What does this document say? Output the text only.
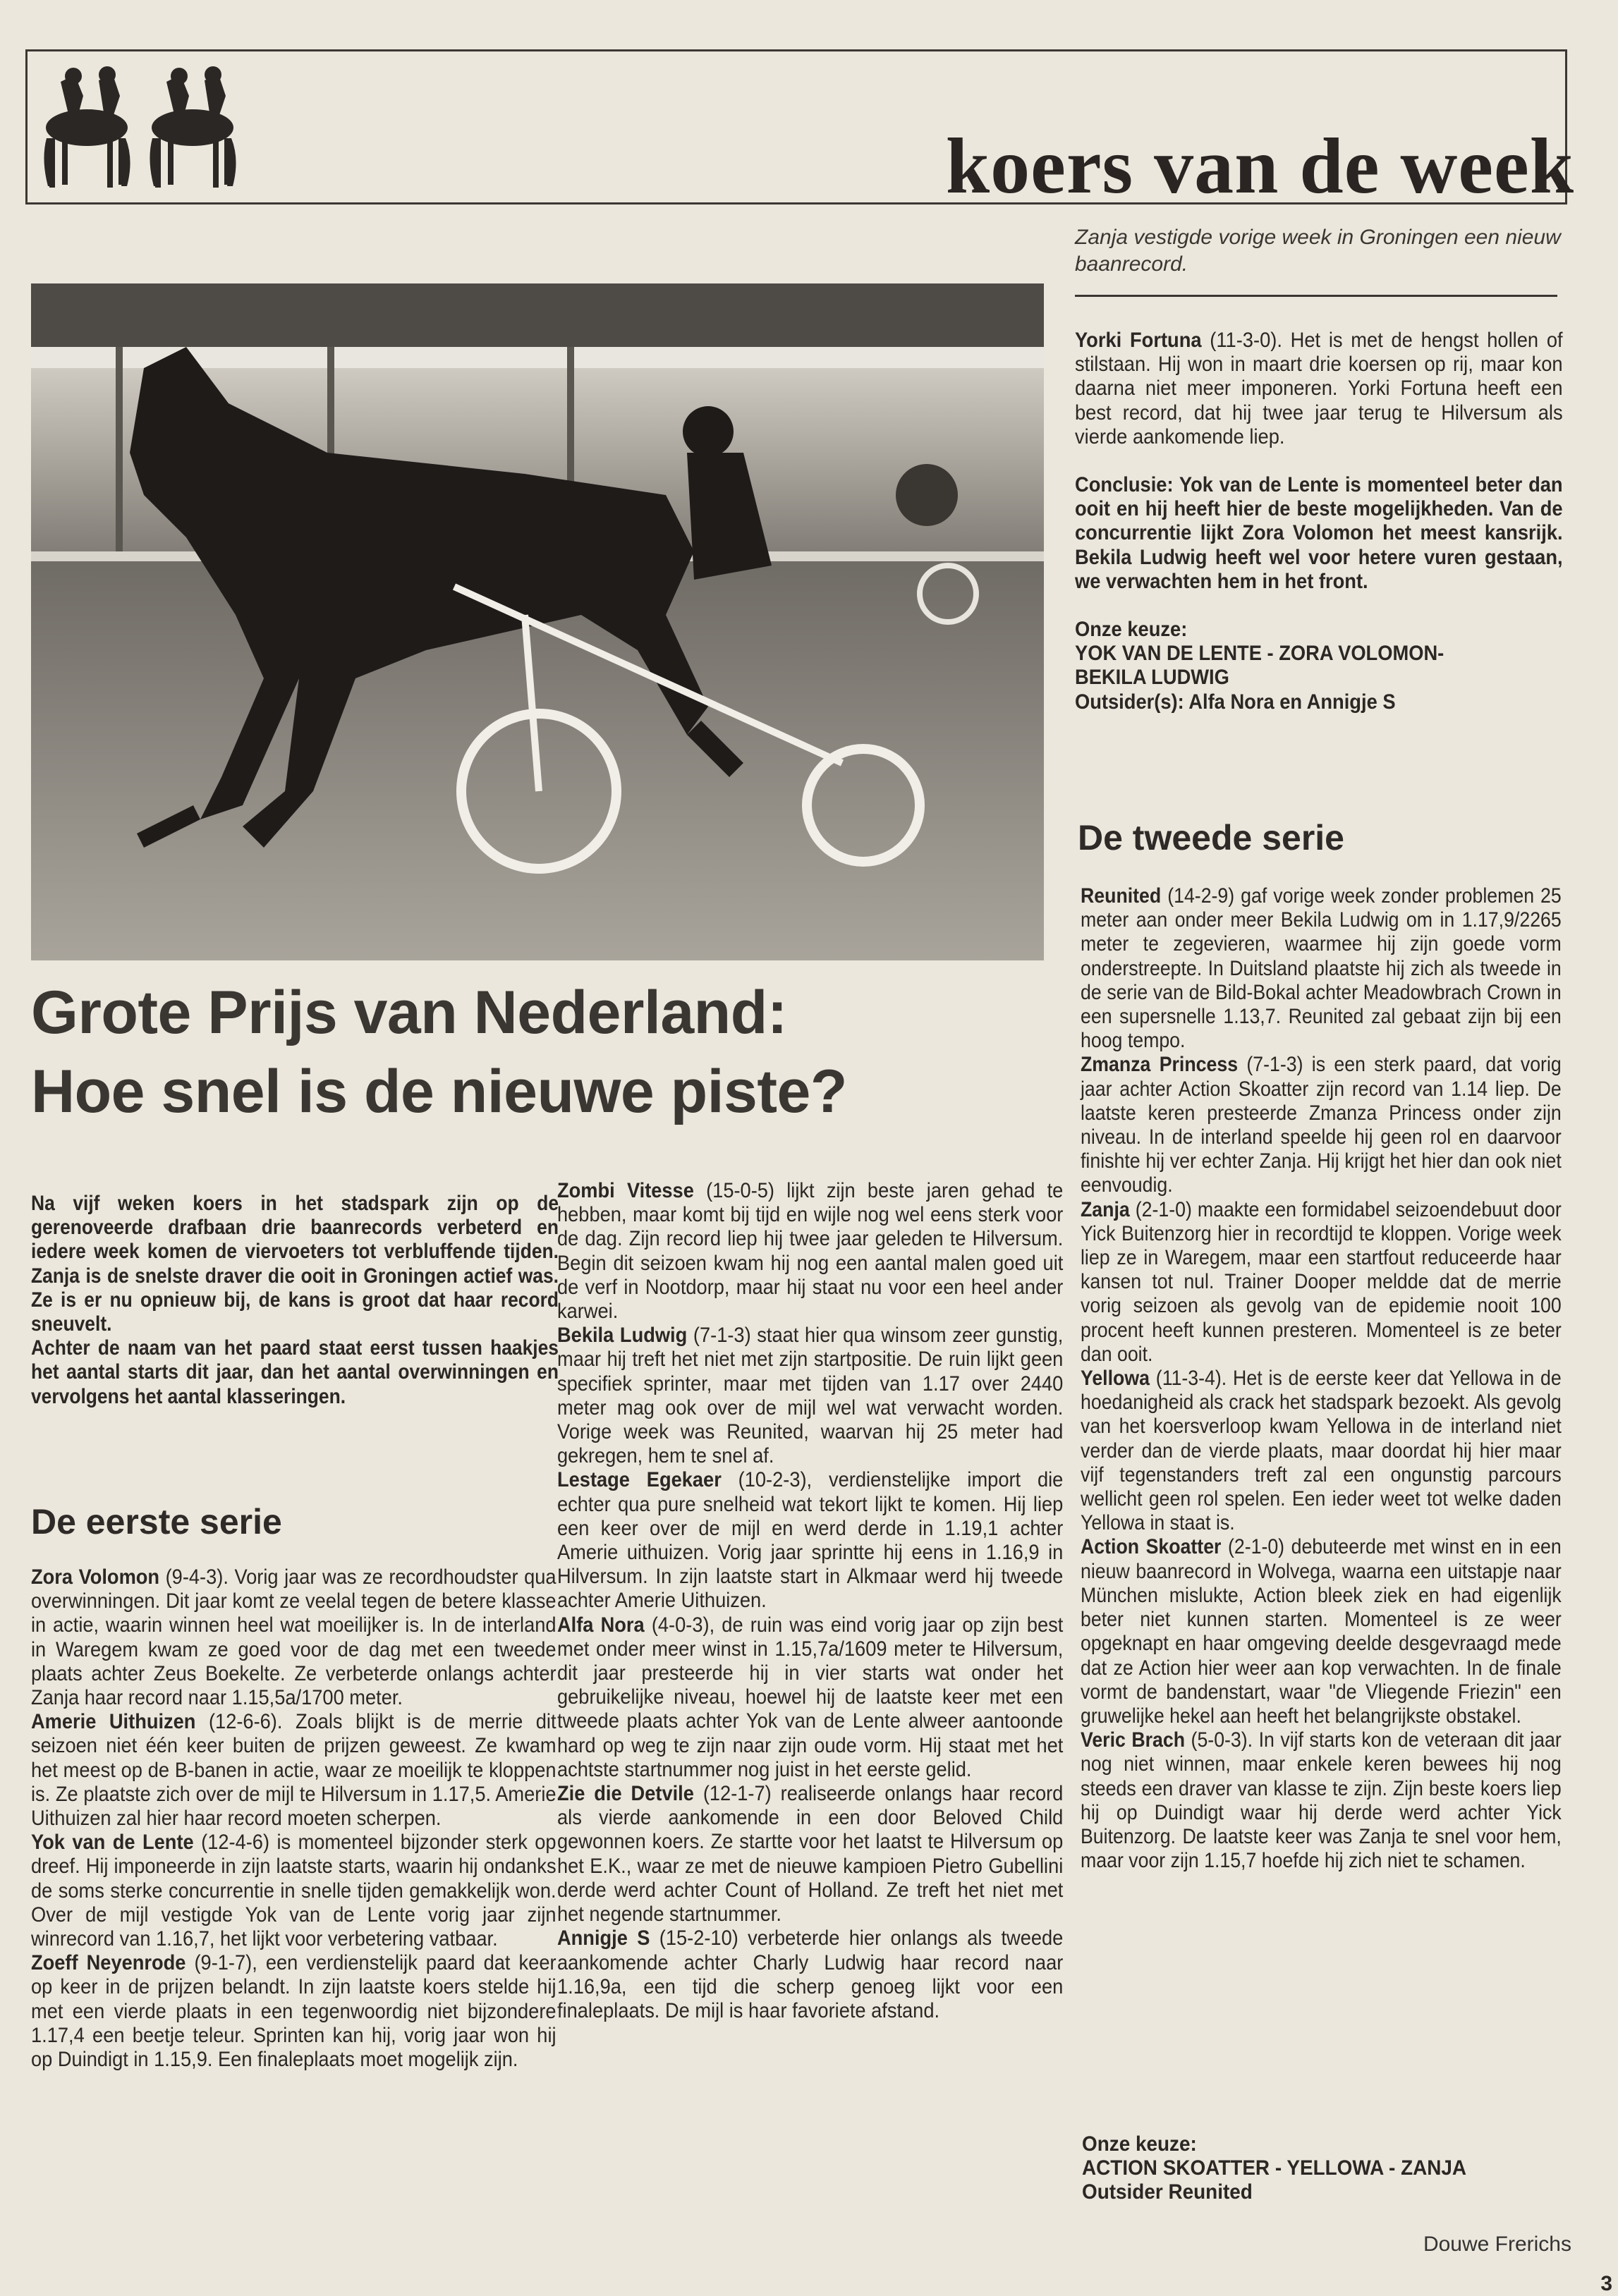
koers van de week
Zanja vestigde vorige week in Groningen een nieuw baanrecord.
Grote Prijs van Nederland:
Hoe snel is de nieuwe piste?

Na vijf weken koers in het stadspark zijn op de gerenoveerde drafbaan drie baanrecords verbeterd en iedere week komen de viervoeters tot verbluffende tijden. Zanja is de snelste draver die ooit in Groningen actief was. Ze is er nu opnieuw bij, de kans is groot dat haar record sneuvelt.

Achter de naam van het paard staat eerst tussen haakjes het aantal starts dit jaar, dan het aantal overwinningen en vervolgens het aantal klasseringen.

De eerste serie

Zora Volomon (9-4-3). Vorig jaar was ze recordhoudster qua overwinningen. Dit jaar komt ze veelal tegen de betere klasse in actie, waarin winnen heel wat moeilijker is. In de interland in Waregem kwam ze goed voor de dag met een tweede plaats achter Zeus Boekelte. Ze verbeterde onlangs achter Zanja haar record naar 1.15,5a/1700 meter.

Amerie Uithuizen (12-6-6). Zoals blijkt is de merrie dit seizoen niet één keer buiten de prijzen geweest. Ze kwam het meest op de B-banen in actie, waar ze moeilijk te kloppen is. Ze plaatste zich over de mijl te Hilversum in 1.17,5. Amerie Uithuizen zal hier haar record moeten scherpen.

Yok van de Lente (12-4-6) is momenteel bijzonder sterk op dreef. Hij imponeerde in zijn laatste starts, waarin hij ondanks de soms sterke concurrentie in snelle tijden gemakkelijk won. Over de mijl vestigde Yok van de Lente vorig jaar zijn winrecord van 1.16,7, het lijkt voor verbetering vatbaar.

Zoeff Neyenrode (9-1-7), een verdienstelijk paard dat keer op keer in de prijzen belandt. In zijn laatste koers stelde hij met een vierde plaats in een tegenwoordig niet bijzondere 1.17,4 een beetje teleur. Sprinten kan hij, vorig jaar won hij op Duindigt in 1.15,9. Een finaleplaats moet mogelijk zijn.

Zombi Vitesse (15-0-5) lijkt zijn beste jaren gehad te hebben, maar komt bij tijd en wijle nog wel eens sterk voor de dag. Zijn record liep hij twee jaar geleden te Hilversum. Begin dit seizoen kwam hij nog een aantal malen goed uit de verf in Nootdorp, maar hij staat nu voor een heel ander karwei.

Bekila Ludwig (7-1-3) staat hier qua winsom zeer gunstig, maar hij treft het niet met zijn startpositie. De ruin lijkt geen specifiek sprinter, maar met tijden van 1.17 over 2440 meter mag ook over de mijl wel wat verwacht worden. Vorige week was Reunited, waarvan hij 25 meter had gekregen, hem te snel af.

Lestage Egekaer (10-2-3), verdienstelijke import die echter qua pure snelheid wat tekort lijkt te komen. Hij liep een keer over de mijl en werd derde in 1.19,1 achter Amerie uithuizen. Vorig jaar sprintte hij eens in 1.16,9 in Hilversum. In zijn laatste start in Alkmaar werd hij tweede achter Amerie Uithuizen.

Alfa Nora (4-0-3), de ruin was eind vorig jaar op zijn best met onder meer winst in 1.15,7a/1609 meter te Hilversum, dit jaar presteerde hij in vier starts wat onder het gebruikelijke niveau, hoewel hij de laatste keer met een tweede plaats achter Yok van de Lente alweer aantoonde hard op weg te zijn naar zijn oude vorm. Hij staat met het achtste startnummer nog juist in het eerste gelid.

Zie die Detvile (12-1-7) realiseerde onlangs haar record als vierde aankomende in een door Beloved Child gewonnen koers. Ze startte voor het laatst te Hilversum op het E.K., waar ze met de nieuwe kampioen Pietro Gubellini derde werd achter Count of Holland. Ze treft het niet met het negende startnummer.

Annigje S (15-2-10) verbeterde hier onlangs als tweede aankomende achter Charly Ludwig haar record naar 1.16,9a, een tijd die scherp genoeg lijkt voor een finaleplaats. De mijl is haar favoriete afstand.

Yorki Fortuna (11-3-0). Het is met de hengst hollen of stilstaan. Hij won in maart drie koersen op rij, maar kon daarna niet meer imponeren. Yorki Fortuna heeft een best record, dat hij twee jaar terug te Hilversum als vierde aankomende liep.

Conclusie: Yok van de Lente is momenteel beter dan ooit en hij heeft hier de beste mogelijkheden. Van de concurrentie lijkt Zora Volomon het meest kansrijk. Bekila Ludwig heeft wel voor hetere vuren gestaan, we verwachten hem in het front.

Onze keuze:
YOK VAN DE LENTE - ZORA VOLOMON-
BEKILA LUDWIG
Outsider(s): Alfa Nora en Annigje S
De tweede serie

Reunited (14-2-9) gaf vorige week zonder problemen 25 meter aan onder meer Bekila Ludwig om in 1.17,9/2265 meter te zegevieren, waarmee hij zijn goede vorm onderstreepte. In Duitsland plaatste hij zich als tweede in de serie van de Bild-Bokal achter Meadowbrach Crown in een supersnelle 1.13,7. Reunited zal gebaat zijn bij een hoog tempo.

Zmanza Princess (7-1-3) is een sterk paard, dat vorig jaar achter Action Skoatter zijn record van 1.14 liep. De laatste keren presteerde Zmanza Princess onder zijn niveau. In de interland speelde hij geen rol en daarvoor finishte hij ver echter Zanja. Hij krijgt het hier dan ook niet eenvoudig.

Zanja (2-1-0) maakte een formidabel seizoendebuut door Yick Buitenzorg hier in recordtijd te kloppen. Vorige week liep ze in Waregem, maar een startfout reduceerde haar kansen tot nul. Trainer Dooper meldde dat de merrie vorig seizoen als gevolg van de epidemie nooit 100 procent heeft kunnen presteren. Momenteel is ze beter dan ooit.

Yellowa (11-3-4). Het is de eerste keer dat Yellowa in de hoedanigheid als crack het stadspark bezoekt. Als gevolg van het koersverloop kwam Yellowa in de interland niet verder dan de vierde plaats, maar doordat hij hier maar vijf tegenstanders treft zal een ongunstig parcours wellicht geen rol spelen. Een ieder weet tot welke daden Yellowa in staat is.

Action Skoatter (2-1-0) debuteerde met winst en in een nieuw baanrecord in Wolvega, waarna een uitstapje naar München mislukte, Action bleek ziek en had eigenlijk beter niet kunnen starten. Momenteel is ze weer opgeknapt en haar omgeving deelde desgevraagd mede dat ze Action hier weer aan kop verwachten. In de finale vormt de bandenstart, waar "de Vliegende Friezin" een gruwelijke hekel aan heeft het belangrijkste obstakel.

Veric Brach (5-0-3). In vijf starts kon de veteraan dit jaar nog niet winnen, maar enkele keren bewees hij nog steeds een draver van klasse te zijn. Zijn beste koers liep hij op Duindigt waar hij derde werd achter Yick Buitenzorg. De laatste keer was Zanja te snel voor hem, maar voor zijn 1.15,7 hoefde hij zich niet te schamen.

Onze keuze:
ACTION SKOATTER - YELLOWA - ZANJA
Outsider Reunited
Douwe Frerichs
3
